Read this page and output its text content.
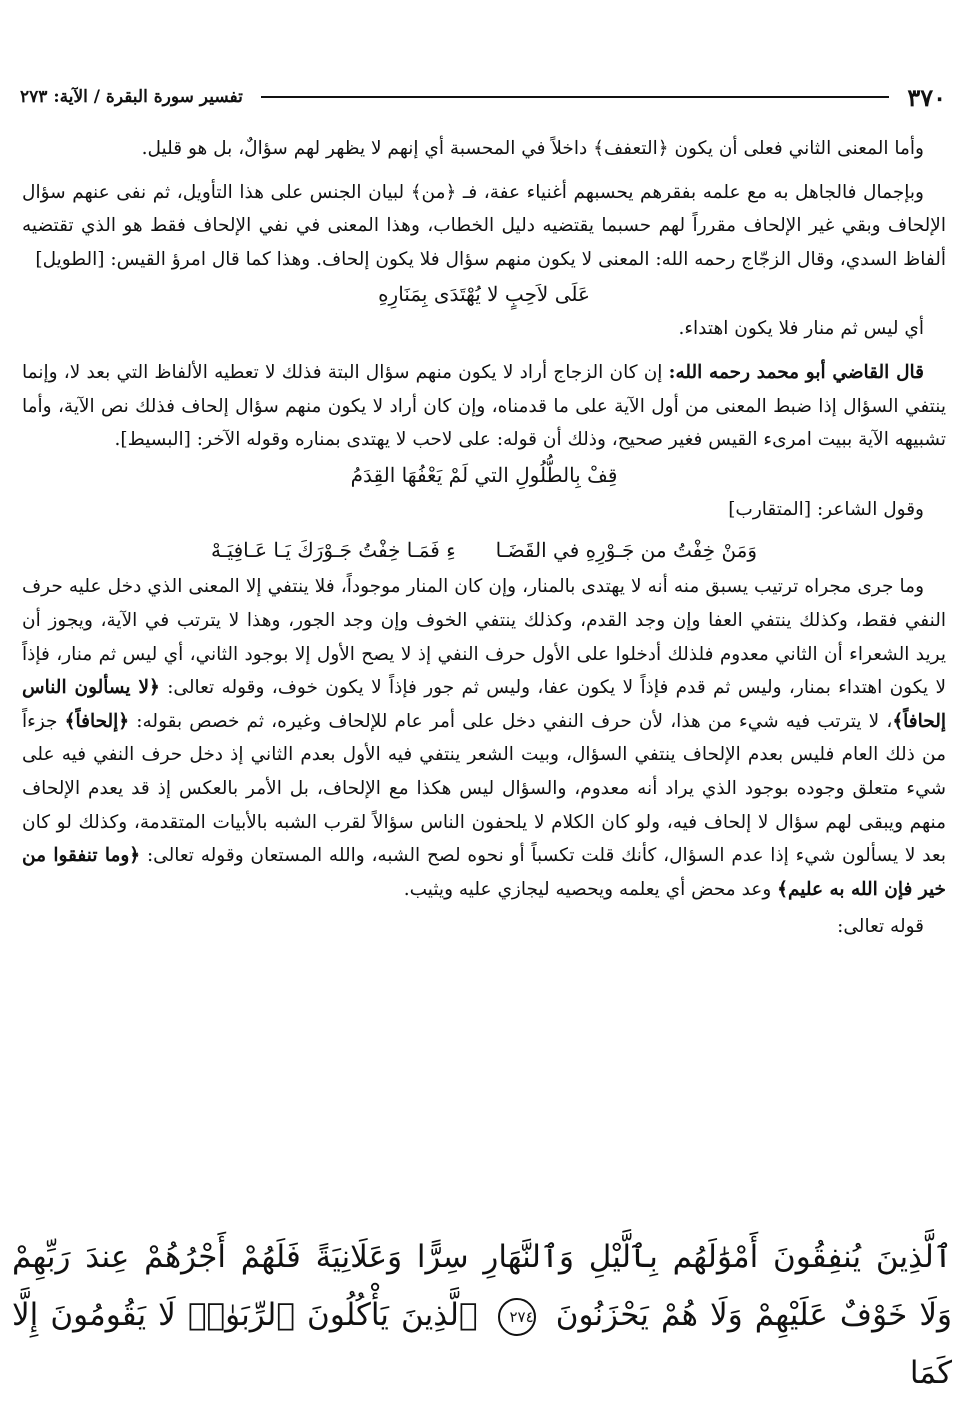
٣٧٠
تفسير سورة البقرة / الآية: ٢٧٣

وأما المعنى الثاني فعلى أن يكون ﴿التعفف﴾ داخلاً في المحسبة أي إنهم لا يظهر لهم سؤالٌ، بل هو قليل.

وبإجمال فالجاهل به مع علمه بفقرهم يحسبهم أغنياء عفة، فـ ﴿من﴾ لبيان الجنس على هذا التأويل، ثم نفى عنهم سؤال الإلحاف وبقي غير الإلحاف مقرراً لهم حسبما يقتضيه دليل الخطاب، وهذا المعنى في نفي الإلحاف فقط هو الذي تقتضيه ألفاظ السدي، وقال الزجّاج رحمه الله: المعنى لا يكون منهم سؤال فلا يكون إلحاف. وهذا كما قال امرؤ القيس: [الطويل]

عَلَى لاَحِبٍ لا يُهْتَدَى بِمَنَارِهِ

أي ليس ثم منار فلا يكون اهتداء.

قال القاضي أبو محمد رحمه الله: إن كان الزجاج أراد لا يكون منهم سؤال البتة فذلك لا تعطيه الألفاظ التي بعد لا، وإنما ينتفي السؤال إذا ضبط المعنى من أول الآية على ما قدمناه، وإن كان أراد لا يكون منهم سؤال إلحاف فذلك نص الآية، وأما تشبيهه الآية ببيت امرىء القيس فغير صحيح، وذلك أن قوله: على لاحب لا يهتدى بمناره وقوله الآخر: [البسيط].

قِفْ بِالطُّلُولِ التي لَمْ يَعْفُهَا القِدَمُ

وقول الشاعر: [المتقارب]

وَمَنْ خِفْتُ من جَـوْرِهِ في القَضَـا
ءِ فَمَـا خِفْتُ جَـوْرَكَ يَـا عَـافِيَـهْ

وما جرى مجراه ترتيب يسبق منه أنه لا يهتدى بالمنار، وإن كان المنار موجوداً، فلا ينتفي إلا المعنى الذي دخل عليه حرف النفي فقط، وكذلك ينتفي العفا وإن وجد القدم، وكذلك ينتفي الخوف وإن وجد الجور، وهذا لا يترتب في الآية، ويجوز أن يريد الشعراء أن الثاني معدوم فلذلك أدخلوا على الأول حرف النفي إذ لا يصح الأول إلا بوجود الثاني، أي ليس ثم منار، فإذاً لا يكون اهتداء بمنار، وليس ثم قدم فإذاً لا يكون عفا، وليس ثم جور فإذاً لا يكون خوف، وقوله تعالى: ﴿لا يسألون الناس إلحافاً﴾، لا يترتب فيه شيء من هذا، لأن حرف النفي دخل على أمر عام للإلحاف وغيره، ثم خصص بقوله: ﴿إلحافاً﴾ جزءاً من ذلك العام فليس بعدم الإلحاف ينتفي السؤال، وبيت الشعر ينتفي فيه الأول بعدم الثاني إذ دخل حرف النفي فيه على شيء متعلق وجوده بوجود الذي يراد أنه معدوم، والسؤال ليس هكذا مع الإلحاف، بل الأمر بالعكس إذ قد يعدم الإلحاف منهم ويبقى لهم سؤال لا إلحاف فيه، ولو كان الكلام لا يلحفون الناس سؤالاً لقرب الشبه بالأبيات المتقدمة، وكذلك لو كان بعد لا يسألون شيء إذا عدم السؤال، كأنك قلت تكسباً أو نحوه لصح الشبه، والله المستعان وقوله تعالى: ﴿وما تنفقوا من خير فإن الله به عليم﴾ وعد محض أي يعلمه ويحصيه ليجازي عليه ويثيب.

قوله تعالى:

ٱلَّذِينَ يُنفِقُونَ أَمْوَٰلَهُم بِٱلَّيْلِ وَٱلنَّهَارِ سِرًّا وَعَلَانِيَةً فَلَهُمْ أَجْرُهُمْ عِندَ رَبِّهِمْ
وَلَا خَوْفٌ عَلَيْهِمْ وَلَا هُمْ يَحْزَنُونَ ٢٧٤ ٱلَّذِينَ يَأْكُلُونَ ٱلرِّبَوٰا۟ لَا يَقُومُونَ إِلَّا كَمَا
